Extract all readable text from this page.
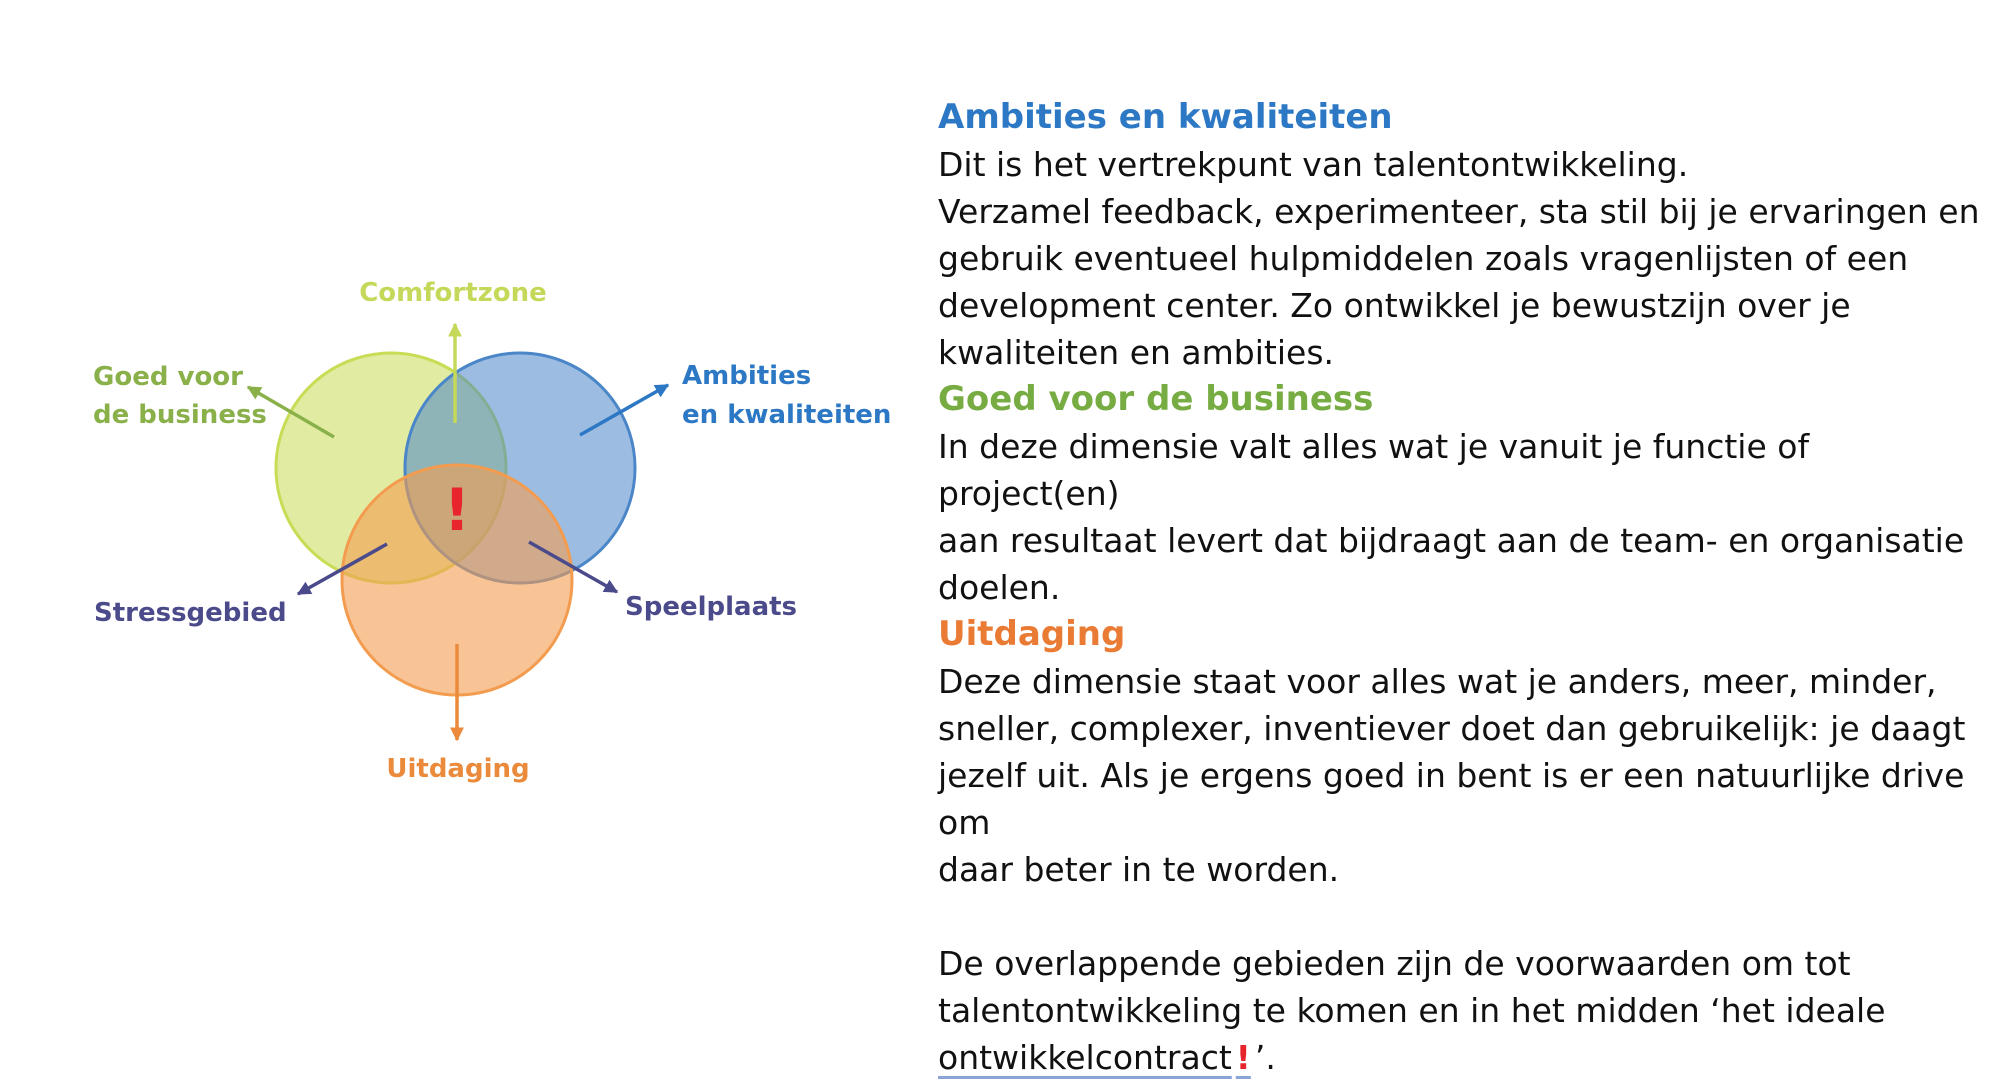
!
Comfortzone
Goed voor
de business
Ambities
en kwaliteiten
Stressgebied	Speelplaats
Uitdaging

Ambities en kwaliteiten

Dit is het vertrekpunt van talentontwikkeling.

Verzamel feedback, experimenteer, sta stil bij je ervaringen en

gebruik eventueel hulpmiddelen zoals vragenlijsten of een

development center. Zo ontwikkel je bewustzijn over je

kwaliteiten en ambities.

Goed voor de business

In deze dimensie valt alles wat je vanuit je functie of project(en)

aan resultaat levert dat bijdraagt aan de team- en organisatie

doelen.

Uitdaging

Deze dimensie staat voor alles wat je anders, meer, minder,

sneller, complexer, inventiever doet dan gebruikelijk: je daagt

jezelf uit. Als je ergens goed in bent is er een natuurlijke drive om

daar beter in te worden.

De overlappende gebieden zijn de voorwaarden om tot

talentontwikkeling te komen en in het midden ‘het ideale

ontwikkelcontract ! ’.
